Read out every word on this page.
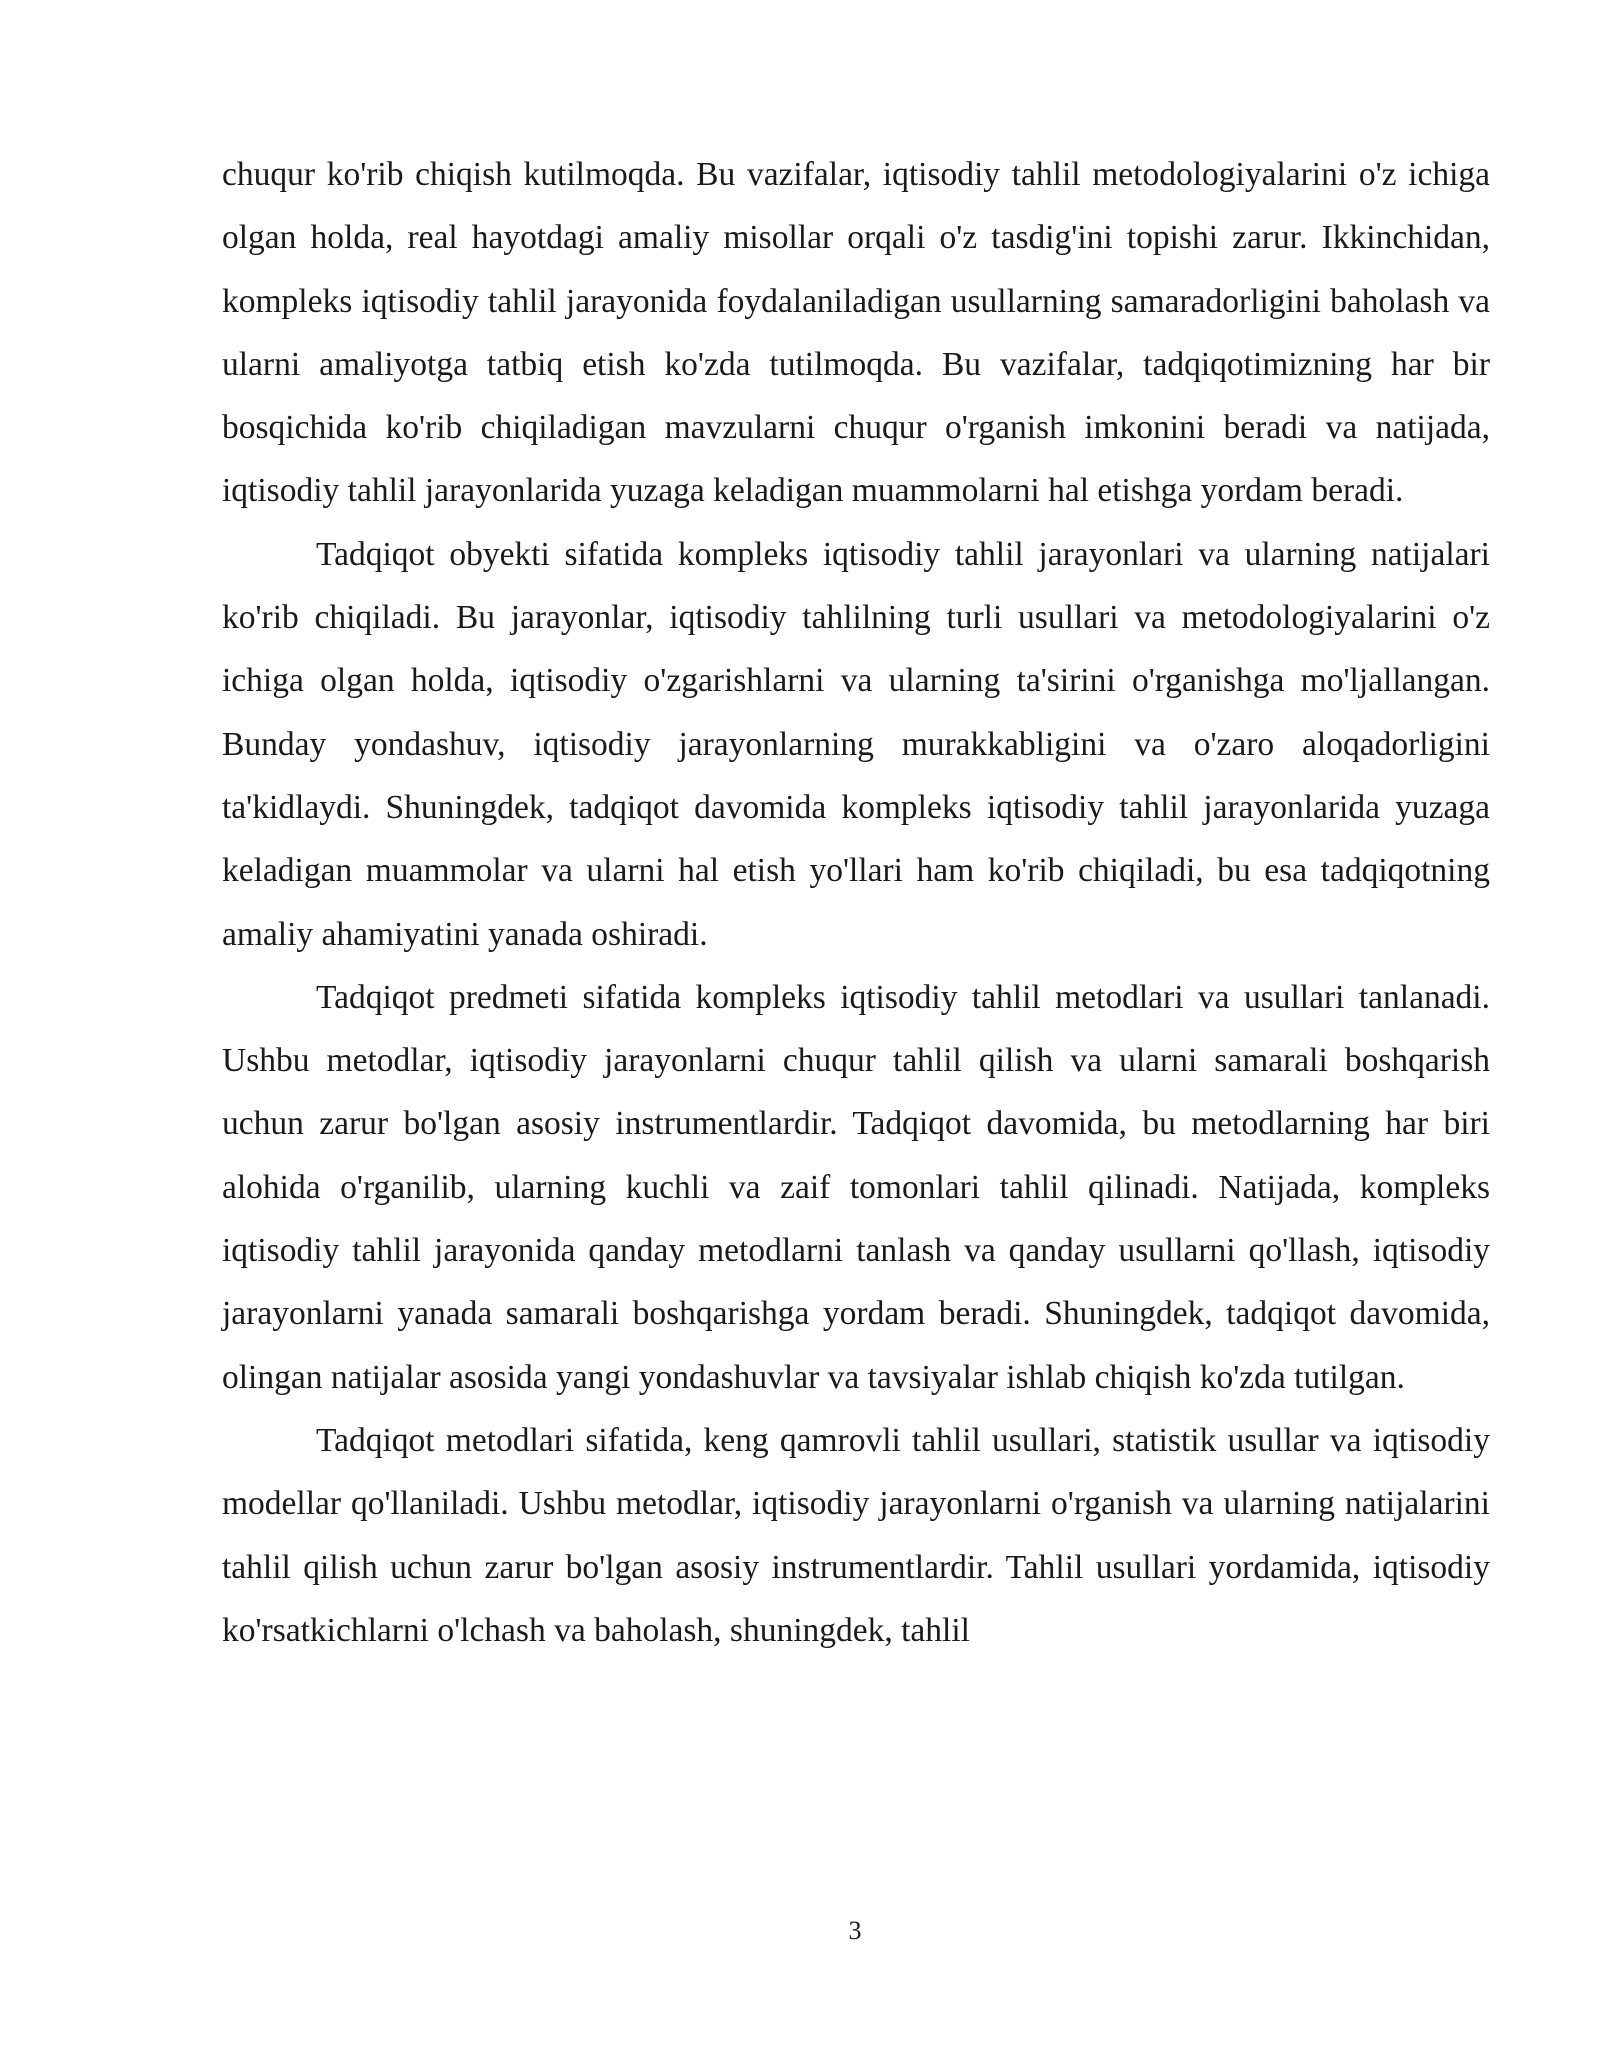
chuqur ko'rib chiqish kutilmoqda. Bu vazifalar, iqtisodiy tahlil metodologiyalarini o'z ichiga olgan holda, real hayotdagi amaliy misollar orqali o'z tasdig'ini topishi zarur. Ikkinchidan, kompleks iqtisodiy tahlil jarayonida foydalaniladigan usullarning samaradorligini baholash va ularni amaliyotga tatbiq etish ko'zda tutilmoqda. Bu vazifalar, tadqiqotimizning har bir bosqichida ko'rib chiqiladigan mavzularni chuqur o'rganish imkonini beradi va natijada, iqtisodiy tahlil jarayonlarida yuzaga keladigan muammolarni hal etishga yordam beradi.

Tadqiqot obyekti sifatida kompleks iqtisodiy tahlil jarayonlari va ularning natijalari ko'rib chiqiladi. Bu jarayonlar, iqtisodiy tahlilning turli usullari va metodologiyalarini o'z ichiga olgan holda, iqtisodiy o'zgarishlarni va ularning ta'sirini o'rganishga mo'ljallangan. Bunday yondashuv, iqtisodiy jarayonlarning murakkabligini va o'zaro aloqadorligini ta'kidlaydi. Shuningdek, tadqiqot davomida kompleks iqtisodiy tahlil jarayonlarida yuzaga keladigan muammolar va ularni hal etish yo'llari ham ko'rib chiqiladi, bu esa tadqiqotning amaliy ahamiyatini yanada oshiradi.

Tadqiqot predmeti sifatida kompleks iqtisodiy tahlil metodlari va usullari tanlanadi. Ushbu metodlar, iqtisodiy jarayonlarni chuqur tahlil qilish va ularni samarali boshqarish uchun zarur bo'lgan asosiy instrumentlardir. Tadqiqot davomida, bu metodlarning har biri alohida o'rganilib, ularning kuchli va zaif tomonlari tahlil qilinadi. Natijada, kompleks iqtisodiy tahlil jarayonida qanday metodlarni tanlash va qanday usullarni qo'llash, iqtisodiy jarayonlarni yanada samarali boshqarishga yordam beradi. Shuningdek, tadqiqot davomida, olingan natijalar asosida yangi yondashuvlar va tavsiyalar ishlab chiqish ko'zda tutilgan.

Tadqiqot metodlari sifatida, keng qamrovli tahlil usullari, statistik usullar va iqtisodiy modellar qo'llaniladi. Ushbu metodlar, iqtisodiy jarayonlarni o'rganish va ularning natijalarini tahlil qilish uchun zarur bo'lgan asosiy instrumentlardir. Tahlil usullari yordamida, iqtisodiy ko'rsatkichlarni o'lchash va baholash, shuningdek, tahlil

3
